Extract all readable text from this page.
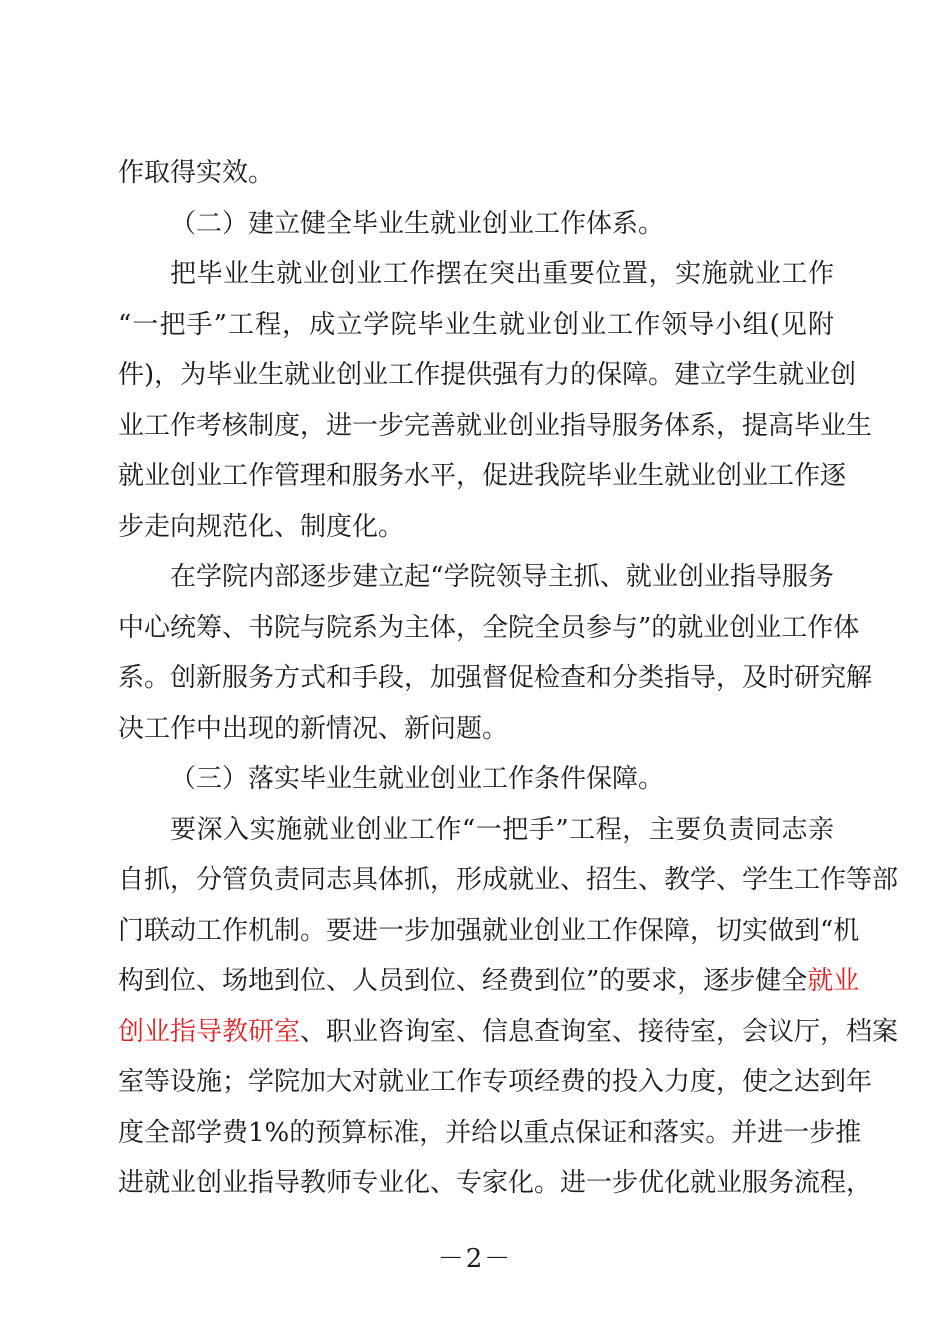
作取得实效。
（二）建立健全毕业生就业创业工作体系。
把毕业生就业创业工作摆在突出重要位置，实施就业工作
“一把手”工程，成立学院毕业生就业创业工作领导小组(见附
件)，为毕业生就业创业工作提供强有力的保障。建立学生就业创
业工作考核制度，进一步完善就业创业指导服务体系，提高毕业生
就业创业工作管理和服务水平，促进我院毕业生就业创业工作逐
步走向规范化、制度化。
在学院内部逐步建立起“学院领导主抓、就业创业指导服务
中心统筹、书院与院系为主体，全院全员参与”的就业创业工作体
系。创新服务方式和手段，加强督促检查和分类指导，及时研究解
决工作中出现的新情况、新问题。
（三）落实毕业生就业创业工作条件保障。
要深入实施就业创业工作“一把手”工程，主要负责同志亲
自抓，分管负责同志具体抓，形成就业、招生、教学、学生工作等部
门联动工作机制。要进一步加强就业创业工作保障，切实做到“机
构到位、场地到位、人员到位、经费到位”的要求，逐步健全就业
创业指导教研室、职业咨询室、信息查询室、接待室，会议厅，档案
室等设施；学院加大对就业工作专项经费的投入力度，使之达到年
度全部学费1%的预算标准，并给以重点保证和落实。并进一步推
进就业创业指导教师专业化、专家化。进一步优化就业服务流程，
－2－
